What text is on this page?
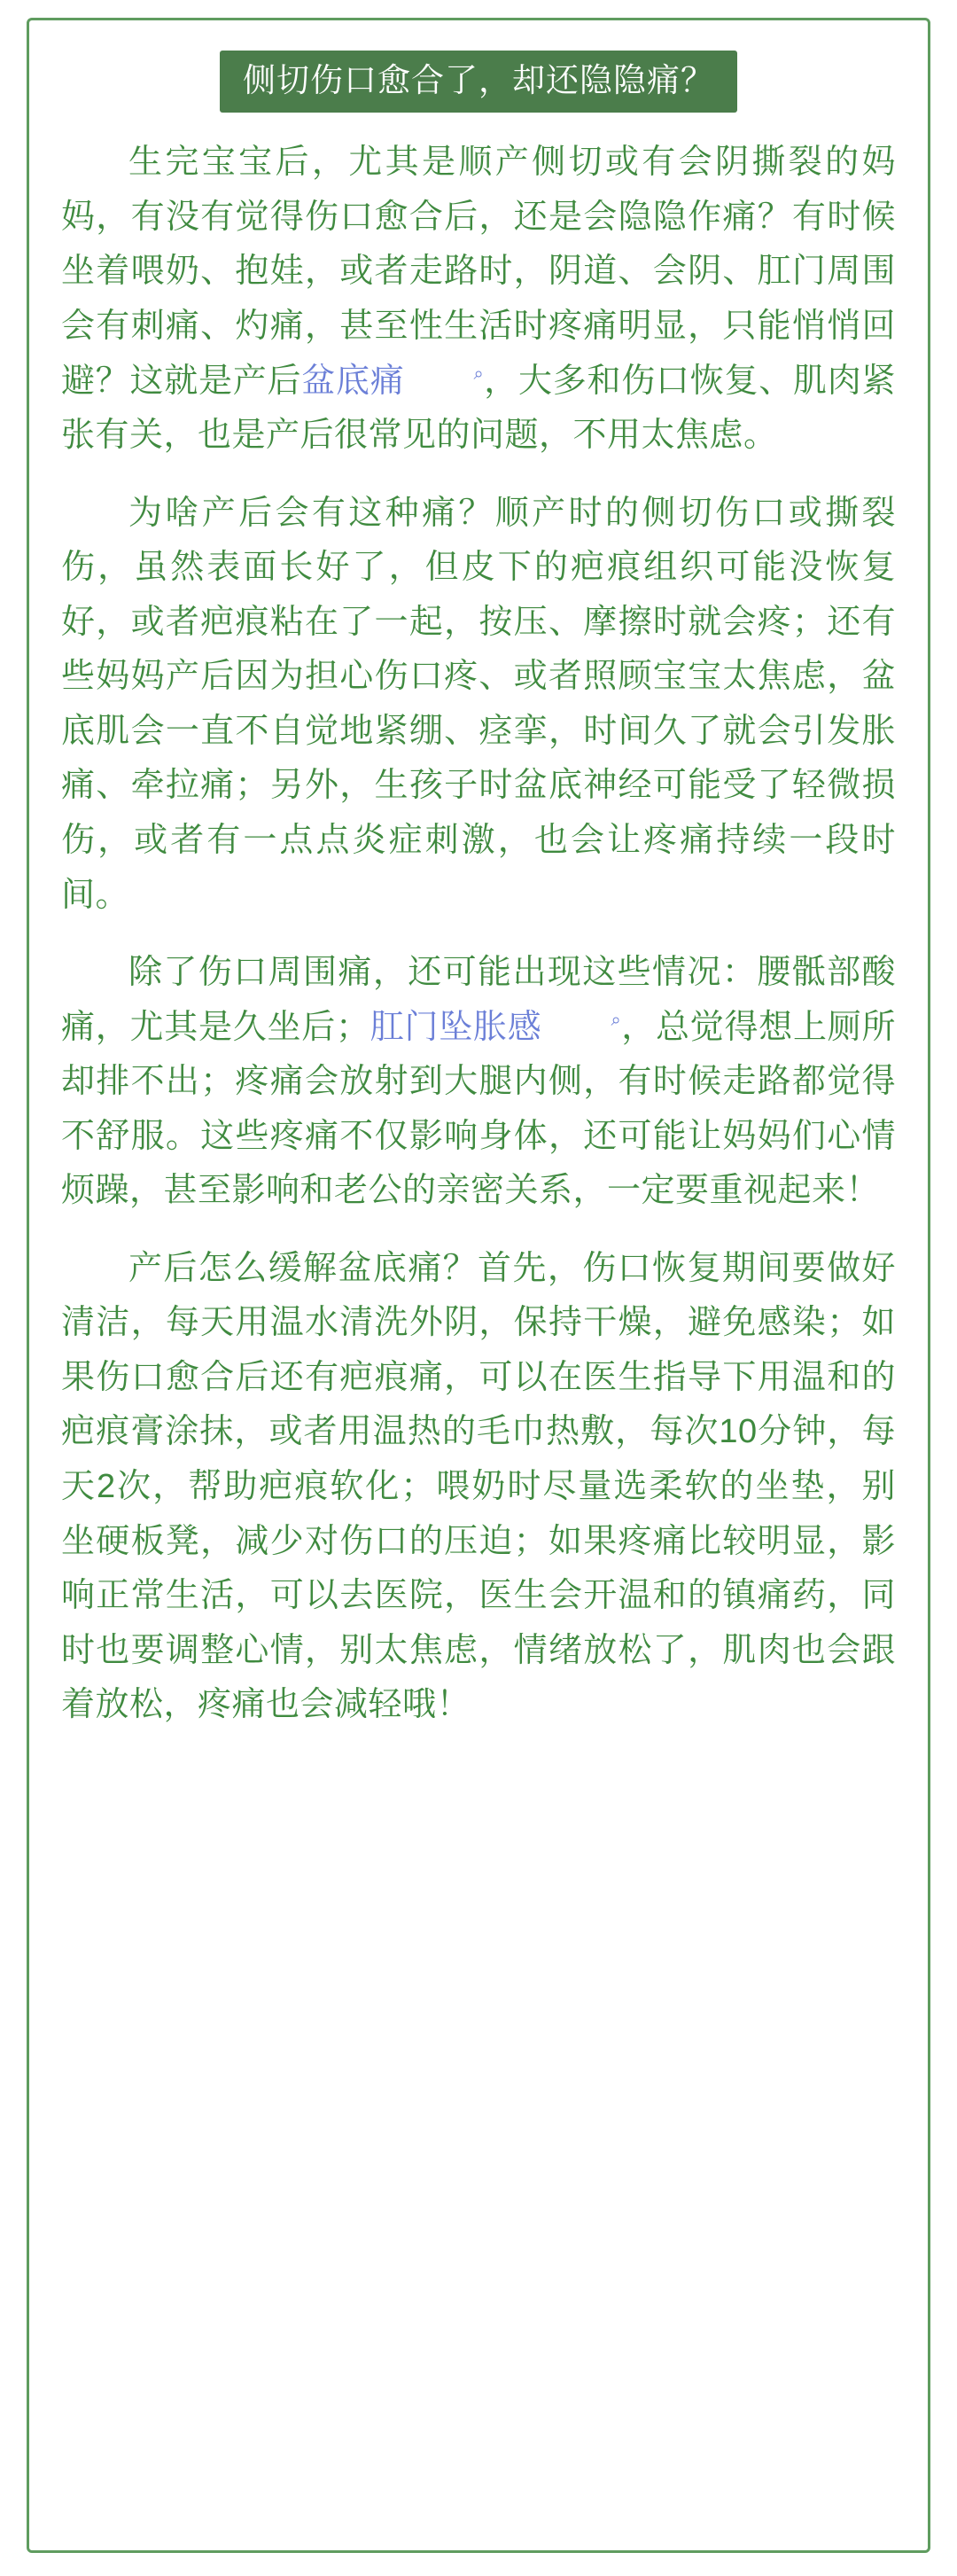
侧切伤口愈合了，却还隐隐痛？

生完宝宝后，尤其是顺产侧切或有会阴撕裂的妈妈，有没有觉得伤口愈合后，还是会隐隐作痛？有时候坐着喂奶、抱娃，或者走路时，阴道、会阴、肛门周围会有刺痛、灼痛，甚至性生活时疼痛明显，只能悄悄回避？这就是产后盆底痛	⌕，大多和伤口恢复、肌肉紧张有关，也是产后很常见的问题，不用太焦虑。

为啥产后会有这种痛？顺产时的侧切伤口或撕裂伤，虽然表面长好了，但皮下的疤痕组织可能没恢复好，或者疤痕粘在了一起，按压、摩擦时就会疼；还有些妈妈产后因为担心伤口疼、或者照顾宝宝太焦虑，盆底肌会一直不自觉地紧绷、痉挛，时间久了就会引发胀痛、牵拉痛；另外，生孩子时盆底神经可能受了轻微损伤，或者有一点点炎症刺激，也会让疼痛持续一段时间。

除了伤口周围痛，还可能出现这些情况：腰骶部酸痛，尤其是久坐后；肛门坠胀感	⌕，总觉得想上厕所却排不出；疼痛会放射到大腿内侧，有时候走路都觉得不舒服。这些疼痛不仅影响身体，还可能让妈妈们心情烦躁，甚至影响和老公的亲密关系，一定要重视起来！

产后怎么缓解盆底痛？首先，伤口恢复期间要做好清洁，每天用温水清洗外阴，保持干燥，避免感染；如果伤口愈合后还有疤痕痛，可以在医生指导下用温和的疤痕膏涂抹，或者用温热的毛巾热敷，每次10分钟，每天2次，帮助疤痕软化；喂奶时尽量选柔软的坐垫，别坐硬板凳，减少对伤口的压迫；如果疼痛比较明显，影响正常生活，可以去医院，医生会开温和的镇痛药，同时也要调整心情，别太焦虑，情绪放松了，肌肉也会跟着放松，疼痛也会减轻哦！
